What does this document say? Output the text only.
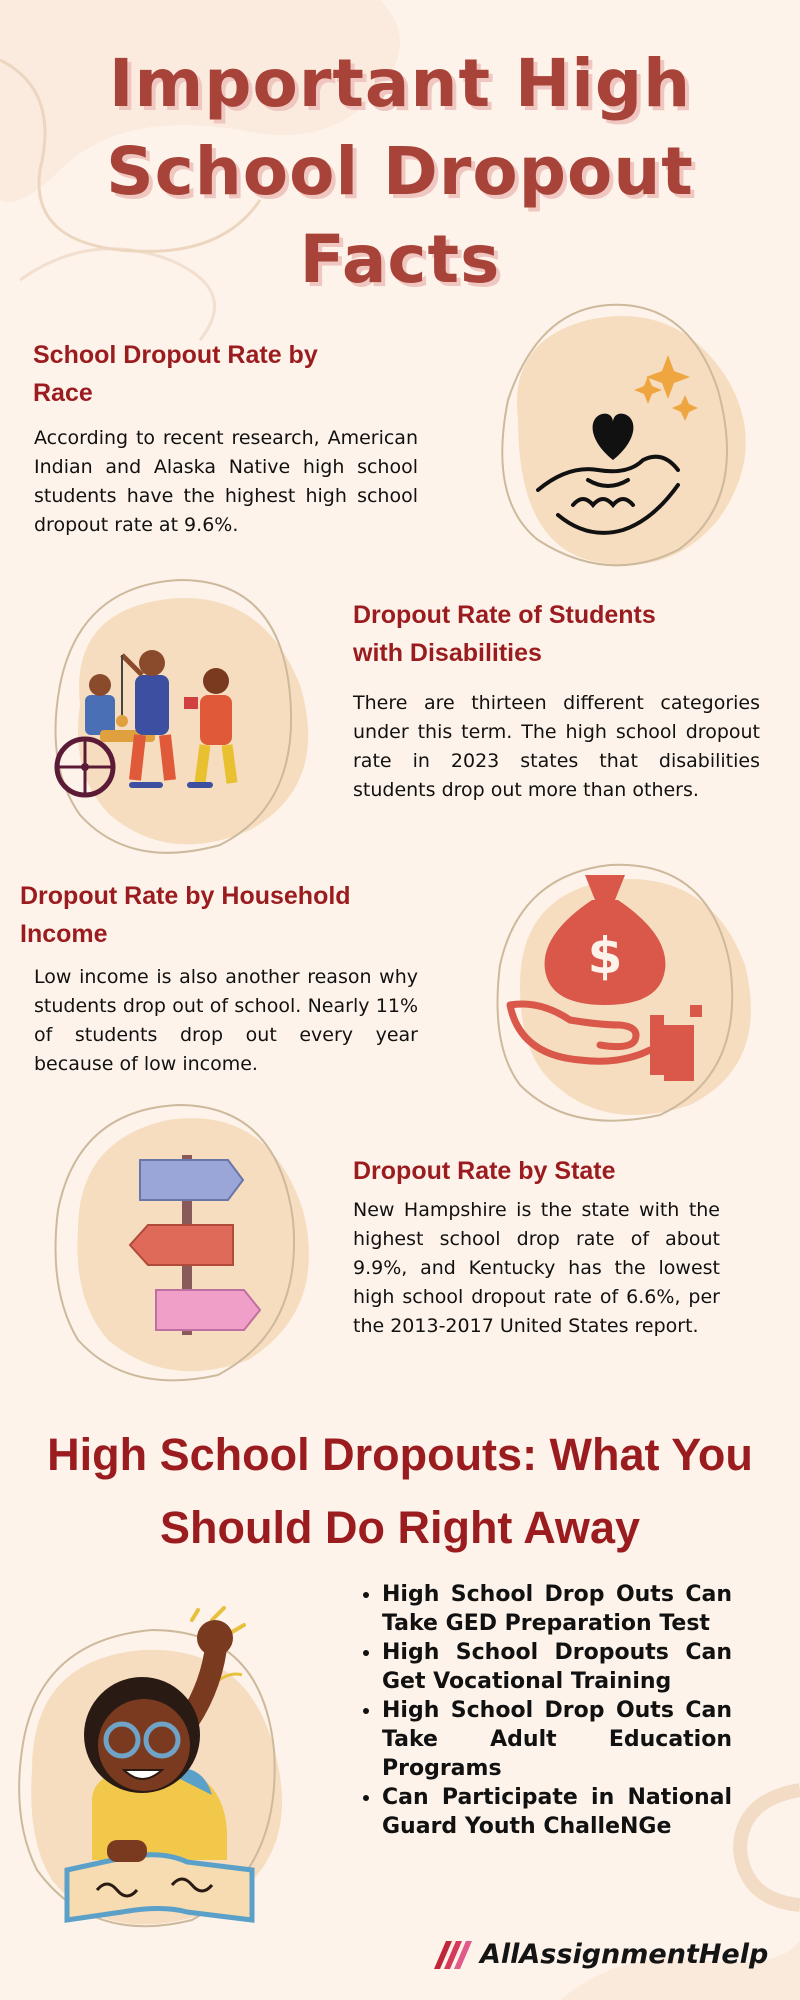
Important High School Dropout Facts
School Dropout Rate by Race

According to recent research, American Indian and Alaska Native high school students have the highest high school dropout rate at 9.6%.

Dropout Rate of Students with Disabilities

There are thirteen different categories under this term. The high school dropout rate in 2023 states that disabilities students drop out more than others.

Dropout Rate by Household Income

Low income is also another reason why students drop out of school. Nearly 11% of students drop out every year because of low income.

$
Dropout Rate by State

New Hampshire is the state with the highest school drop rate of about 9.9%, and Kentucky has the lowest high school dropout rate of 6.6%, per the 2013-2017 United States report.

High School Dropouts: What You Should Do Right Away
• High School Drop Outs Can Take GED Preparation Test
• High School Dropouts Can Get Vocational Training
• High School Drop Outs Can Take Adult Education Programs
• Can Participate in National Guard Youth ChalleNGe
AllAssignmentHelp
